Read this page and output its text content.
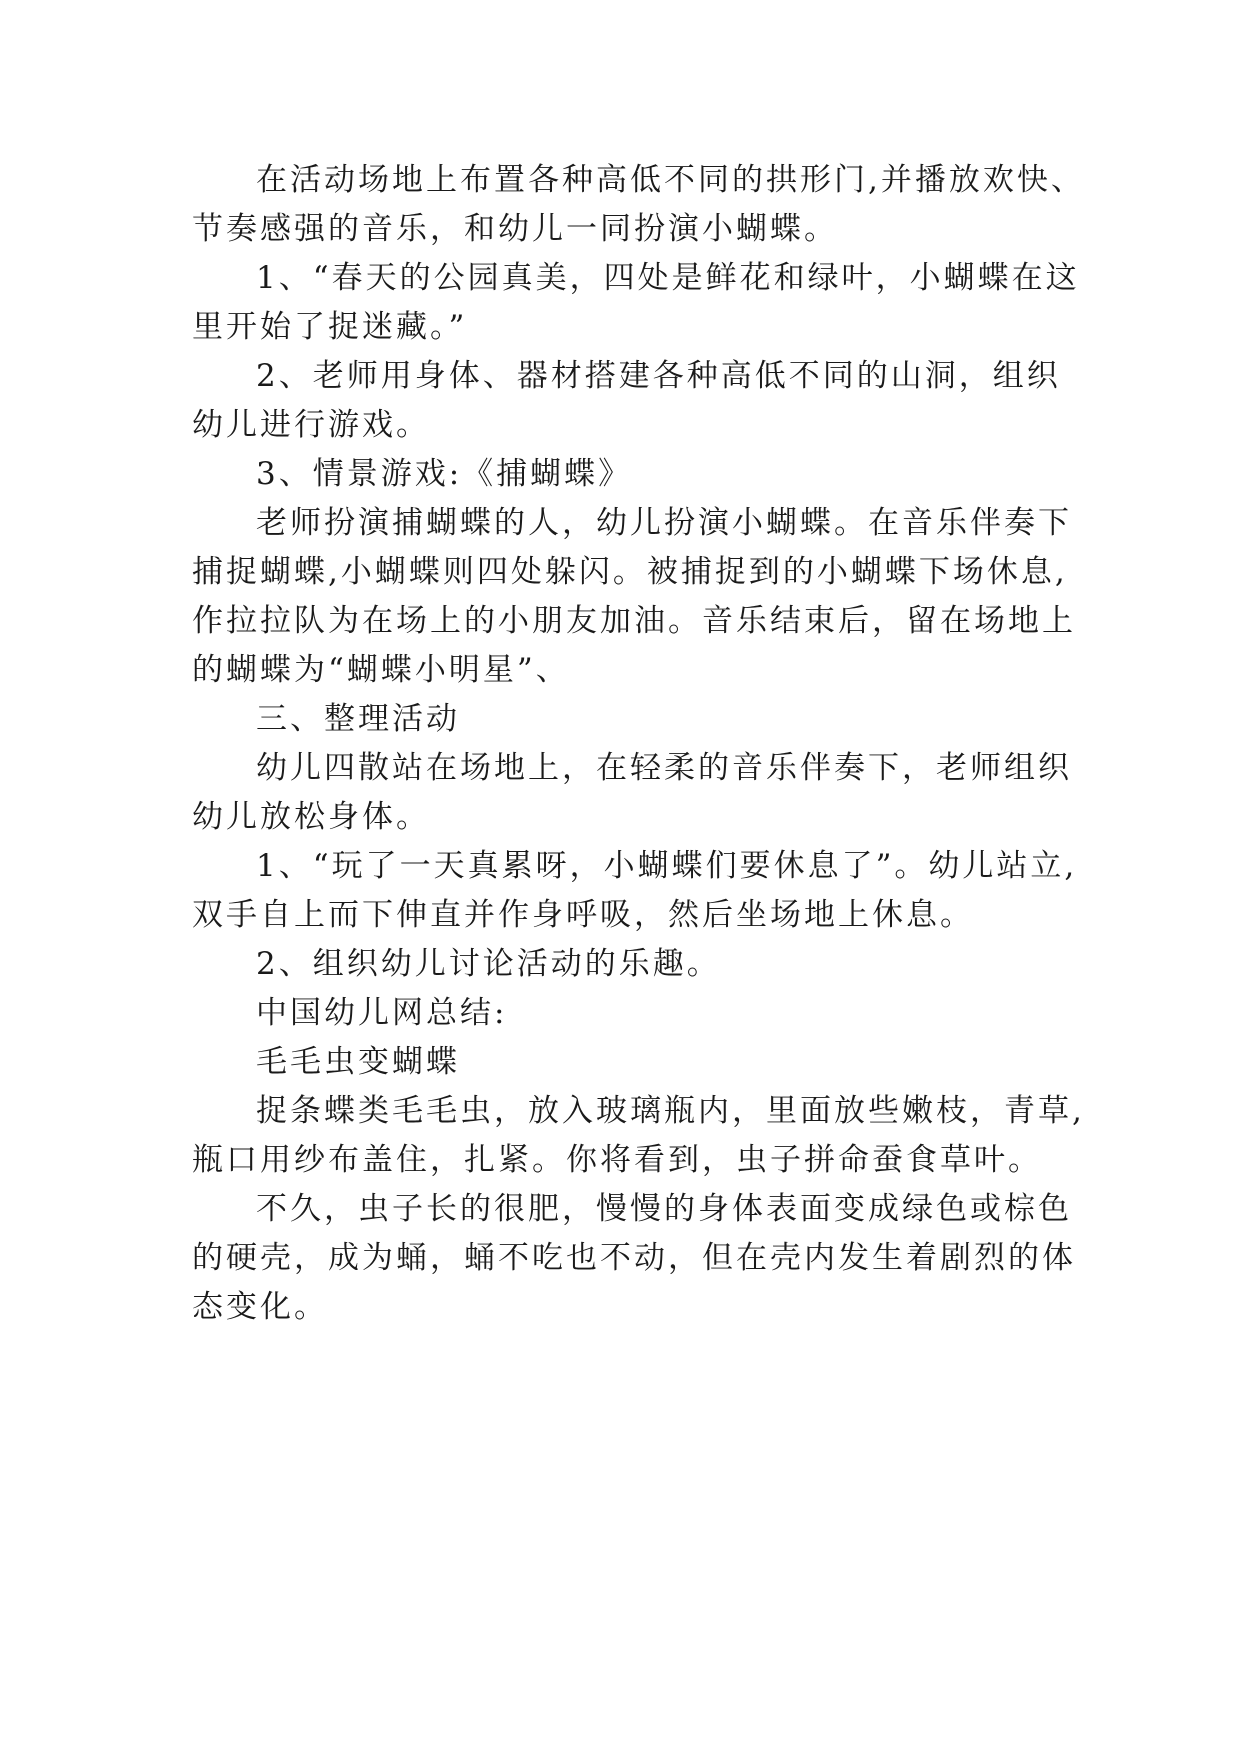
在活动场地上布置各种高低不同的拱形门,并播放欢快、
节奏感强的音乐，和幼儿一同扮演小蝴蝶。
1、“春天的公园真美，四处是鲜花和绿叶，小蝴蝶在这
里开始了捉迷藏。”
2、老师用身体、器材搭建各种高低不同的山洞，组织
幼儿进行游戏。
3、情景游戏:《捕蝴蝶》
老师扮演捕蝴蝶的人，幼儿扮演小蝴蝶。在音乐伴奏下
捕捉蝴蝶,小蝴蝶则四处躲闪。被捕捉到的小蝴蝶下场休息,
作拉拉队为在场上的小朋友加油。音乐结束后，留在场地上
的蝴蝶为“蝴蝶小明星”、
三、整理活动
幼儿四散站在场地上，在轻柔的音乐伴奏下，老师组织
幼儿放松身体。
1、“玩了一天真累呀，小蝴蝶们要休息了”。幼儿站立,
双手自上而下伸直并作身呼吸，然后坐场地上休息。
2、组织幼儿讨论活动的乐趣。
中国幼儿网总结:
毛毛虫变蝴蝶
捉条蝶类毛毛虫，放入玻璃瓶内，里面放些嫩枝，青草,
瓶口用纱布盖住，扎紧。你将看到，虫子拼命蚕食草叶。
不久，虫子长的很肥，慢慢的身体表面变成绿色或棕色
的硬壳，成为蛹，蛹不吃也不动，但在壳内发生着剧烈的体
态变化。
